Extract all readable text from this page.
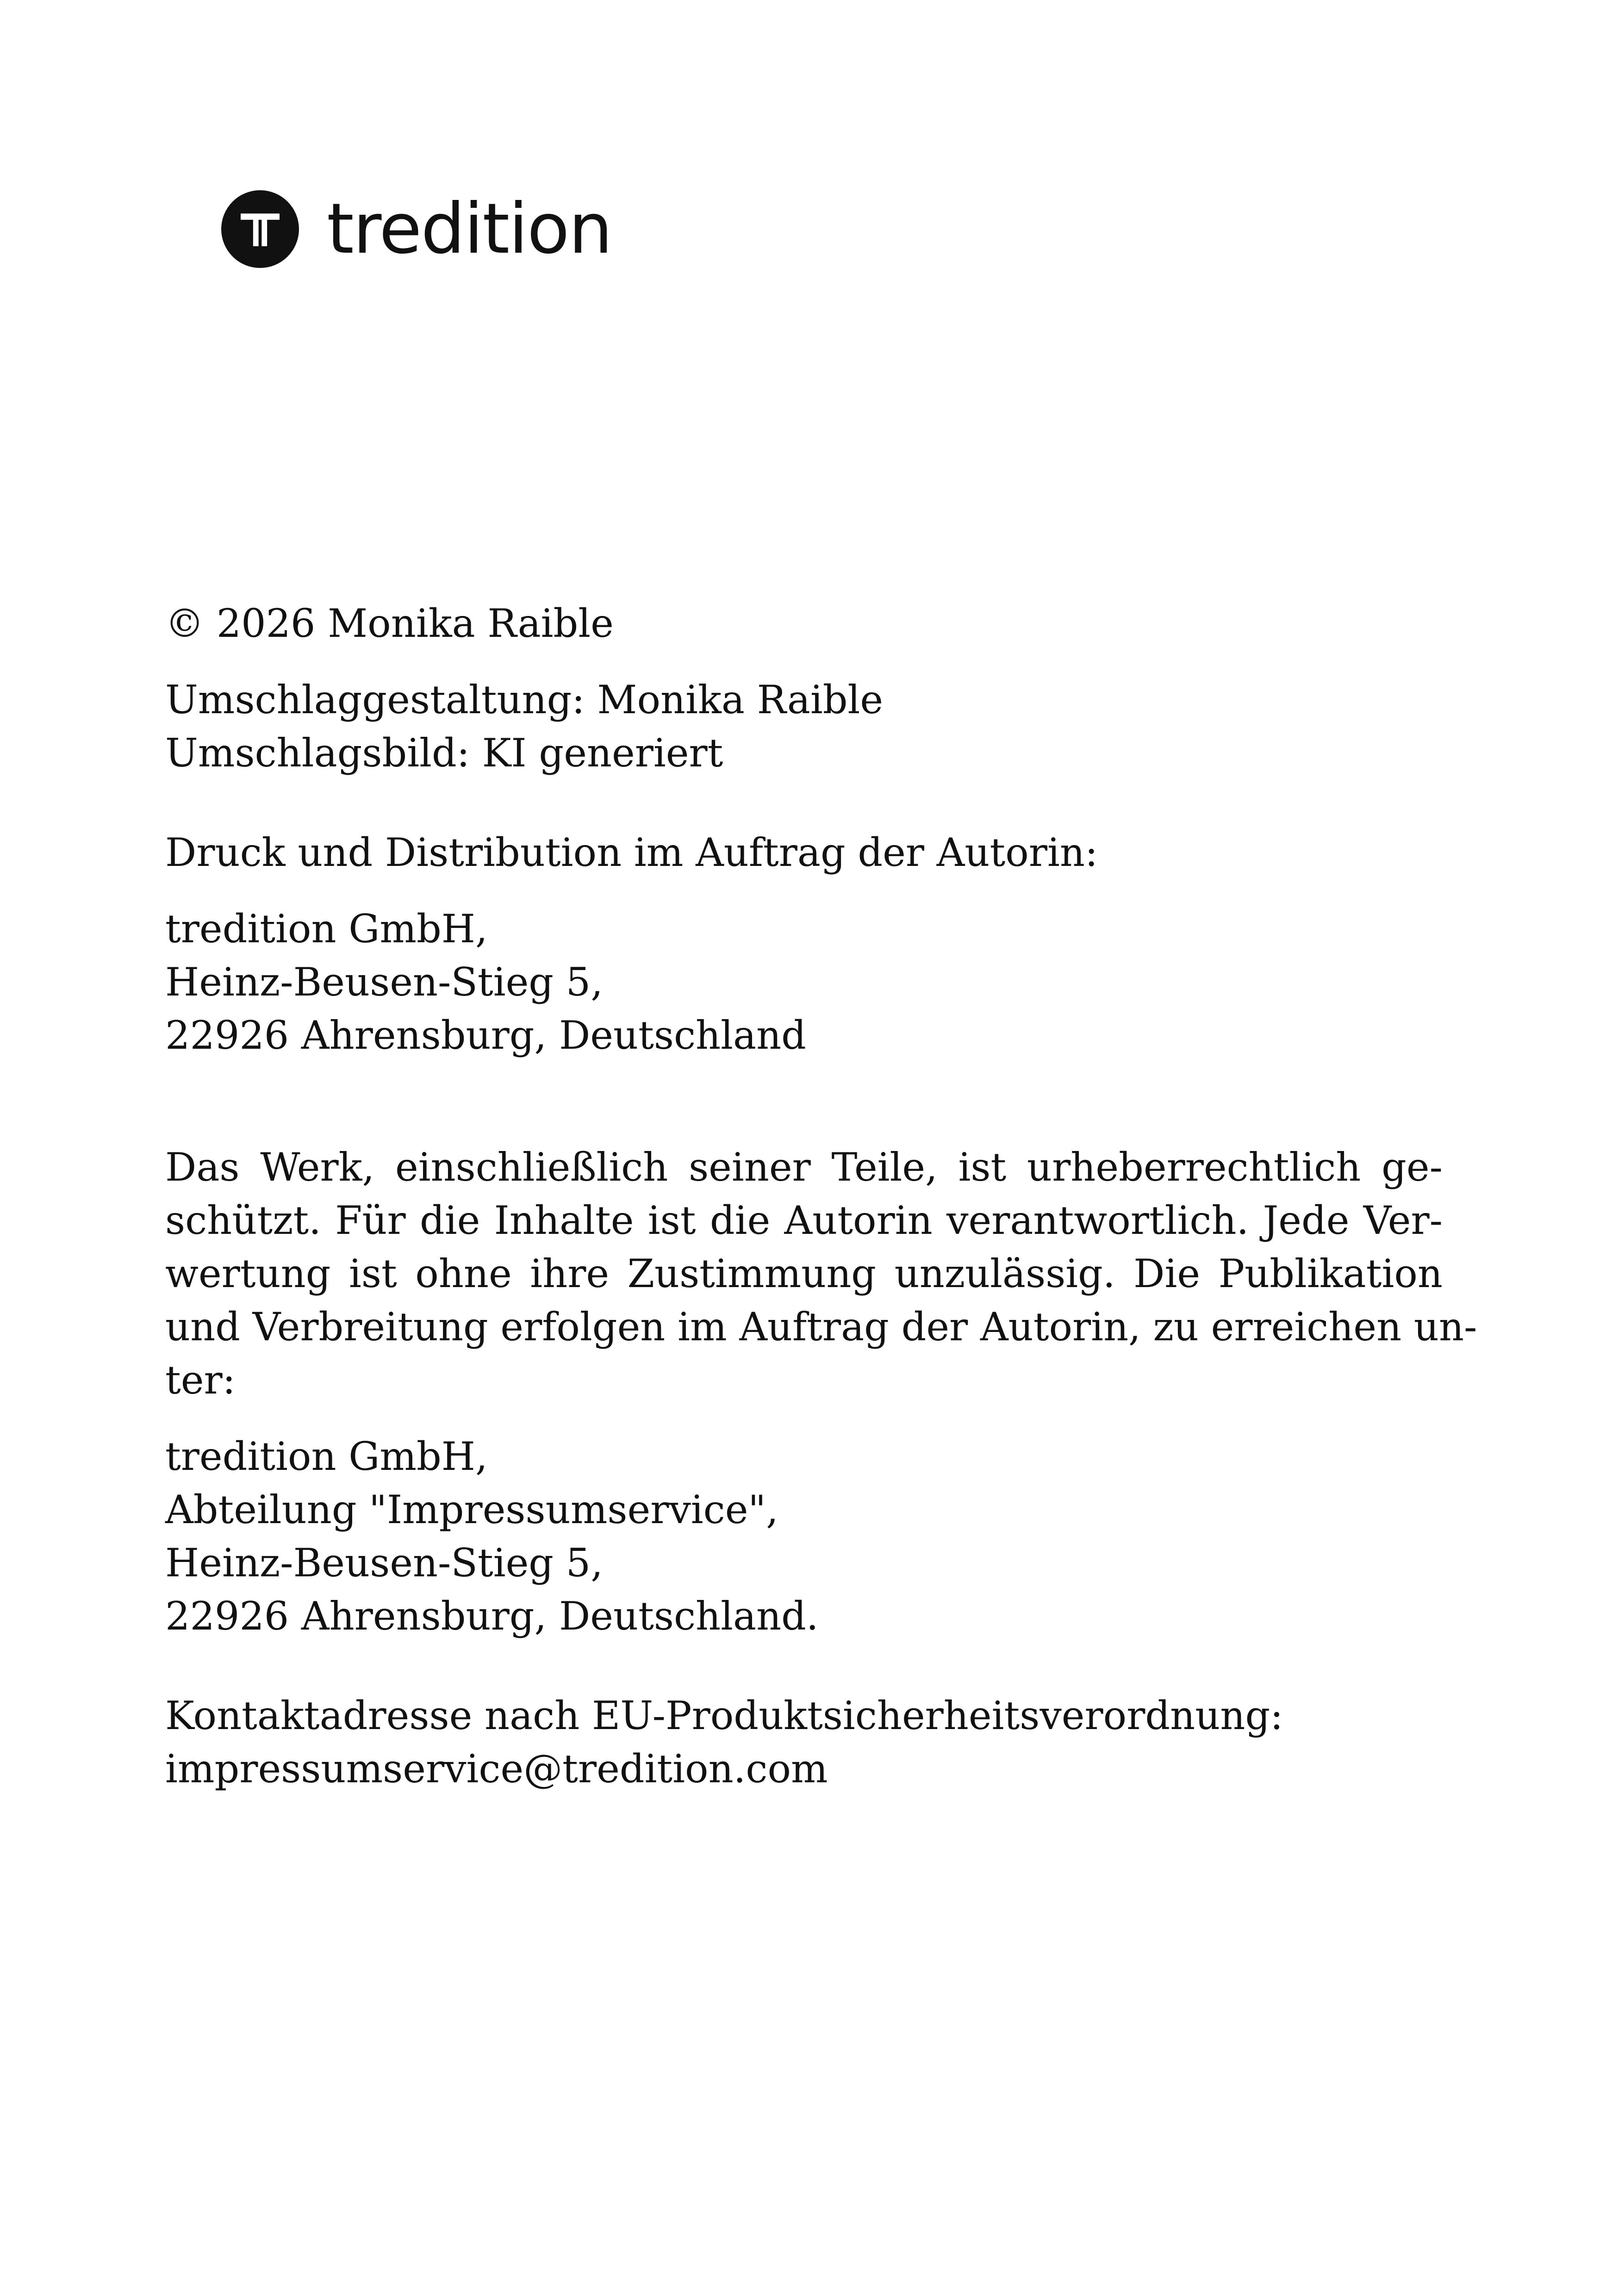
tredition

© 2026 Monika Raible

Umschlaggestaltung: Monika Raible
Umschlagsbild: KI generiert

Druck und Distribution im Auftrag der Autorin:

tredition GmbH,
Heinz-Beusen-Stieg 5,
22926 Ahrensburg, Deutschland

Das Werk, einschließlich seiner Teile, ist urheberrechtlich ge-
schützt. Für die Inhalte ist die Autorin verantwortlich. Jede Ver-
wertung ist ohne ihre Zustimmung unzulässig. Die Publikation
und Verbreitung erfolgen im Auftrag der Autorin, zu erreichen un-
ter:

tredition GmbH,
Abteilung "Impressumservice",
Heinz-Beusen-Stieg 5,
22926 Ahrensburg, Deutschland.

Kontaktadresse nach EU-Produktsicherheitsverordnung:
impressumservice@tredition.com
